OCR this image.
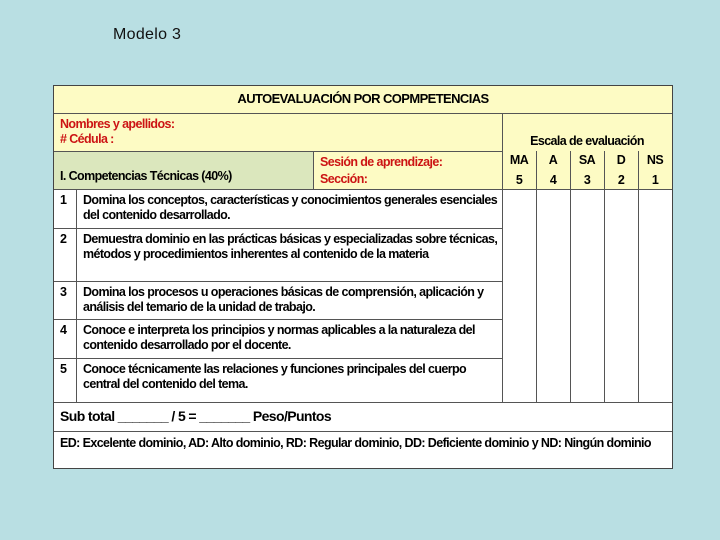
Modelo 3
AUTOEVALUACIÓN POR COPMPETENCIAS
Nombres y apellidos:
# Cédula :	Escala de evaluación
I. Competencias Técnicas (40%)
Sesión de aprendizaje:
Sección:
MA	A	SA	D	NS
5	4	3	2	1
1 Domina los conceptos, características y conocimientos generales esenciales del contenido desarrollado.
2 Demuestra dominio en las prácticas básicas y especializadas sobre técnicas, métodos y procedimientos inherentes al contenido de la materia
3 Domina los procesos u operaciones básicas de comprensión, aplicación y análisis del temario de la unidad de trabajo.
4 Conoce e interpreta los principios y normas aplicables a la naturaleza del contenido desarrollado por el docente.
5 Conoce técnicamente las relaciones y funciones principales del cuerpo central del contenido del tema.
Sub total _______ / 5 = _______ Peso/Puntos
ED: Excelente dominio, AD: Alto dominio, RD: Regular dominio, DD: Deficiente dominio y ND: Ningún dominio
